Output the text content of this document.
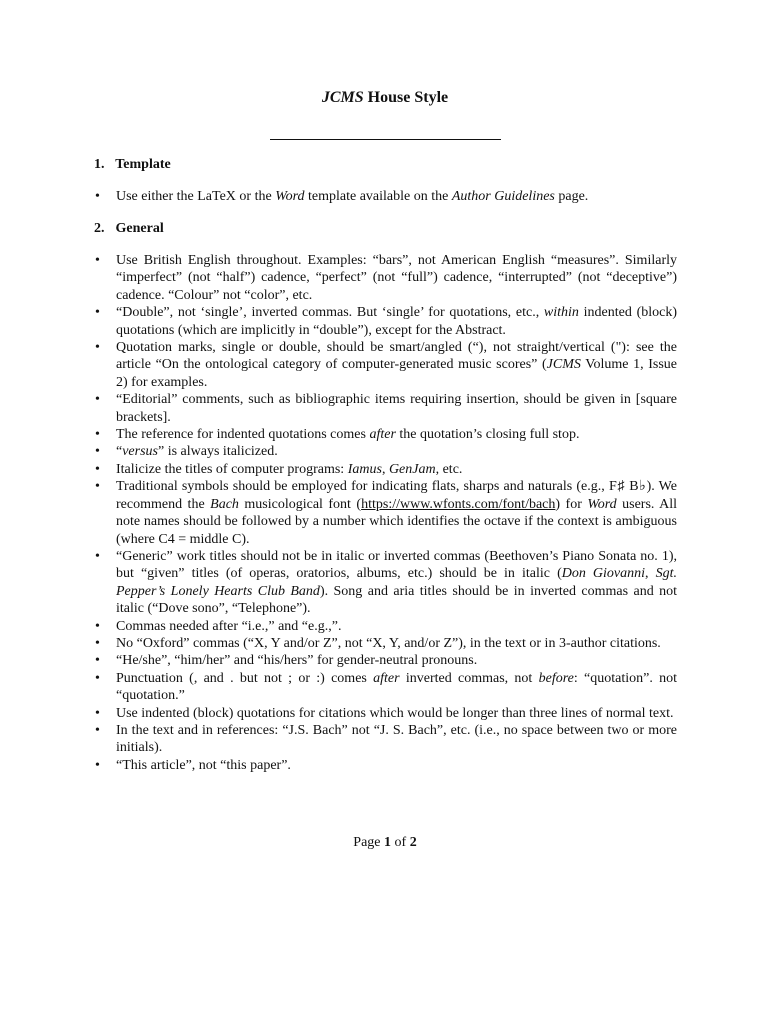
JCMS House Style
1. Template
• Use either the LaTeX or the Word template available on the Author Guidelines page.
2. General
• Use British English throughout. Examples: “bars”, not American English “measures”. Similarly “imperfect” (not “half”) cadence, “perfect” (not “full”) cadence, “interrupted” (not “deceptive”) cadence. “Colour” not “color”, etc.
• “Double”, not ‘single’, inverted commas. But ‘single’ for quotations, etc., within indented (block) quotations (which are implicitly in “double”), except for the Abstract.
• Quotation marks, single or double, should be smart/angled (“), not straight/vertical ("): see the article “On the ontological category of computer-generated music scores” (JCMS Volume 1, Issue 2) for examples.
• “Editorial” comments, such as bibliographic items requiring insertion, should be given in [square brackets].
• The reference for indented quotations comes after the quotation’s closing full stop.
• “versus” is always italicized.
• Italicize the titles of computer programs: Iamus, GenJam, etc.
• Traditional symbols should be employed for indicating flats, sharps and naturals (e.g., F♯ B♭). We recommend the Bach musicological font (https://www.wfonts.com/font/bach) for Word users. All note names should be followed by a number which identifies the octave if the context is ambiguous (where C4 = middle C).
• “Generic” work titles should not be in italic or inverted commas (Beethoven’s Piano Sonata no. 1), but “given” titles (of operas, oratorios, albums, etc.) should be in italic (Don Giovanni, Sgt. Pepper’s Lonely Hearts Club Band). Song and aria titles should be in inverted commas and not italic (“Dove sono”, “Telephone”).
• Commas needed after “i.e.,” and “e.g.,”.
• No “Oxford” commas (“X, Y and/or Z”, not “X, Y, and/or Z”), in the text or in 3-author citations.
• “He/she”, “him/her” and “his/hers” for gender-neutral pronouns.
• Punctuation (, and . but not ; or :) comes after inverted commas, not before: “quotation”. not “quotation.”
• Use indented (block) quotations for citations which would be longer than three lines of normal text.
• In the text and in references: “J.S. Bach” not “J. S. Bach”, etc. (i.e., no space between two or more initials).
• “This article”, not “this paper”.
Page 1 of 2
